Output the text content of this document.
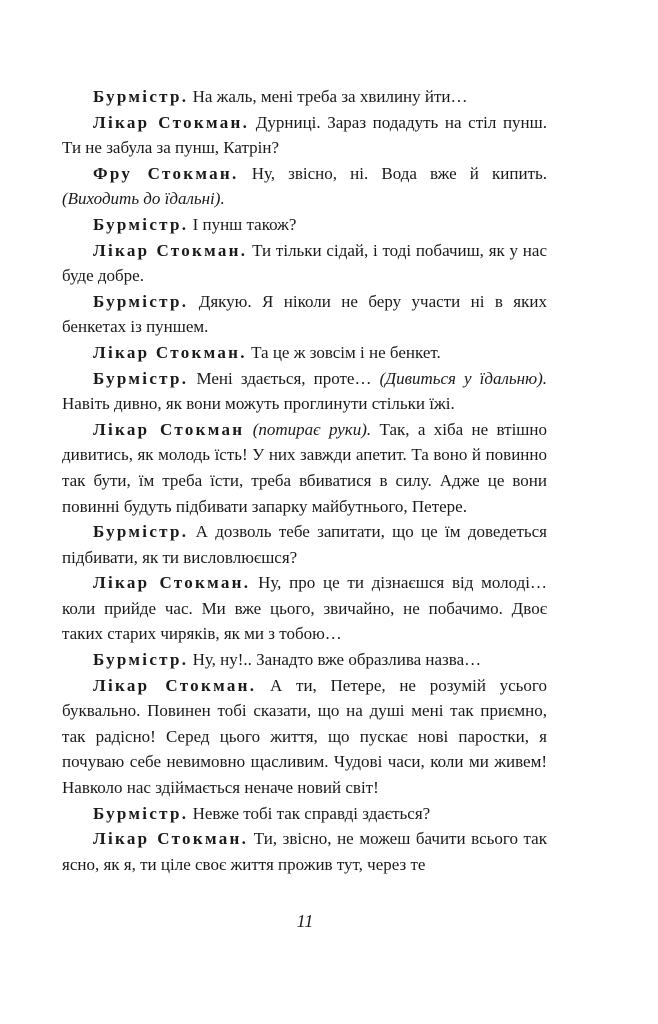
Бурмістр. На жаль, мені треба за хвилину йти…

Лікар Стокман. Дурниці. Зараз подадуть на стіл пунш. Ти не забула за пунш, Катрін?

Фру Стокман. Ну, звісно, ні. Вода вже й кипить. (Виходить до їдальні).

Бурмістр. І пунш також?

Лікар Стокман. Ти тільки сідай, і тоді побачиш, як у нас буде добре.

Бурмістр. Дякую. Я ніколи не беру участи ні в яких бенкетах із пуншем.

Лікар Стокман. Та це ж зовсім і не бенкет.

Бурмістр. Мені здається, проте… (Дивиться у їдальню). Навіть дивно, як вони можуть проглинути стільки їжі.

Лікар Стокман (потирає руки). Так, а хіба не втішно дивитись, як молодь їсть! У них завжди апетит. Та воно й повинно так бути, їм треба їсти, треба вбиватися в силу. Адже це вони повинні будуть підбивати запарку майбутнього, Петере.

Бурмістр. А дозволь тебе запитати, що це їм доведеться підбивати, як ти висловлюєшся?

Лікар Стокман. Ну, про це ти дізнаєшся від молоді… коли прийде час. Ми вже цього, звичайно, не побачимо. Двоє таких старих чиряків, як ми з тобою…

Бурмістр. Ну, ну!.. Занадто вже образлива назва…

Лікар Стокман. А ти, Петере, не розумій усього буквально. Повинен тобі сказати, що на душі мені так приємно, так радісно! Серед цього життя, що пускає нові паростки, я почуваю себе невимовно щасливим. Чудові часи, коли ми живем! Навколо нас здіймається неначе новий світ!

Бурмістр. Невже тобі так справді здається?

Лікар Стокман. Ти, звісно, не можеш бачити всього так ясно, як я, ти ціле своє життя прожив тут, через те

11
